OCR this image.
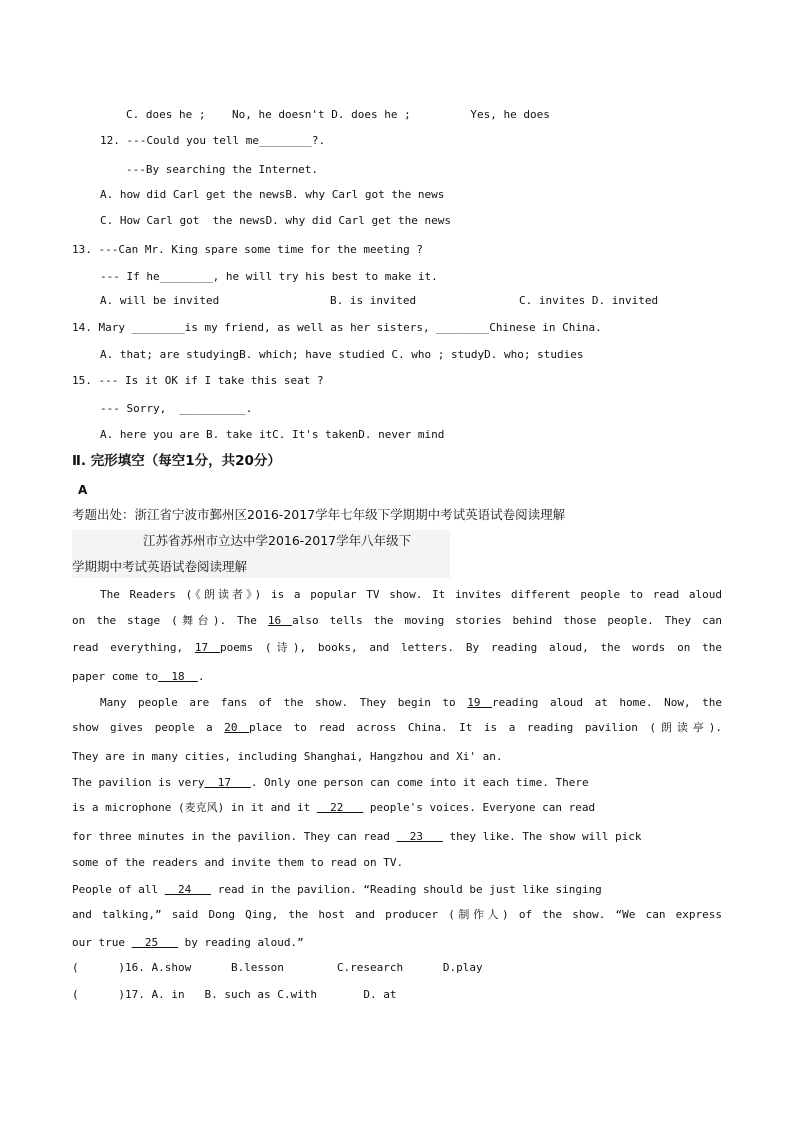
C. does he ;    No, he doesn't D. does he ;         Yes, he does
12. ---Could you tell me________?.
---By searching the Internet.
A. how did Carl get the newsB. why Carl got the news
C. How Carl got  the newsD. why did Carl get the news
13. ---Can Mr. King spare some time for the meeting ?
--- If he________, he will try his best to make it.
A. will be invited	B. is invited	C. invites D. invited
14. Mary ________is my friend, as well as her sisters, ________Chinese in China.
A. that; are studyingB. which; have studied C. who ; studyD. who; studies
15. --- Is it OK if I take this seat ?
--- Sorry,  __________.
A. here you are B. take itC. It's takenD. never mind
Ⅱ. 完形填空（每空1分，共20分）
A
考题出处：浙江省宁波市鄞州区2016-2017学年七年级下学期期中考试英语试卷阅读理解
江苏省苏州市立达中学2016-2017学年八年级下
学期期中考试英语试卷阅读理解
The Readers (《朗读者》) is a popular TV show. It invites different people to read aloud
on the stage (舞台). The 16 also tells the moving stories behind those people. They can
read everything, 17 poems (诗), books, and letters. By reading aloud, the words on the
paper come to  18  .
Many people are fans of the show. They begin to 19 reading aloud at home. Now, the
show gives people a 20 place to read across China. It is a reading pavilion (朗读亭).
They are in many cities, including Shanghai, Hangzhou and Xi' an.
The pavilion is very  17   . Only one person can come into it each time. There
is a microphone (麦克风) in it and it   22    people's voices. Everyone can read
for three minutes in the pavilion. They can read   23    they like. The show will pick
some of the readers and invite them to read on TV.
People of all   24    read in the pavilion. “Reading should be just like singing
and talking,” said Dong Qing, the host and producer (制作人) of the show. “We can express
our true   25    by reading aloud.”
(      )16. A.show      B.lesson        C.research      D.play
(      )17. A. in   B. such as C.with       D. at
